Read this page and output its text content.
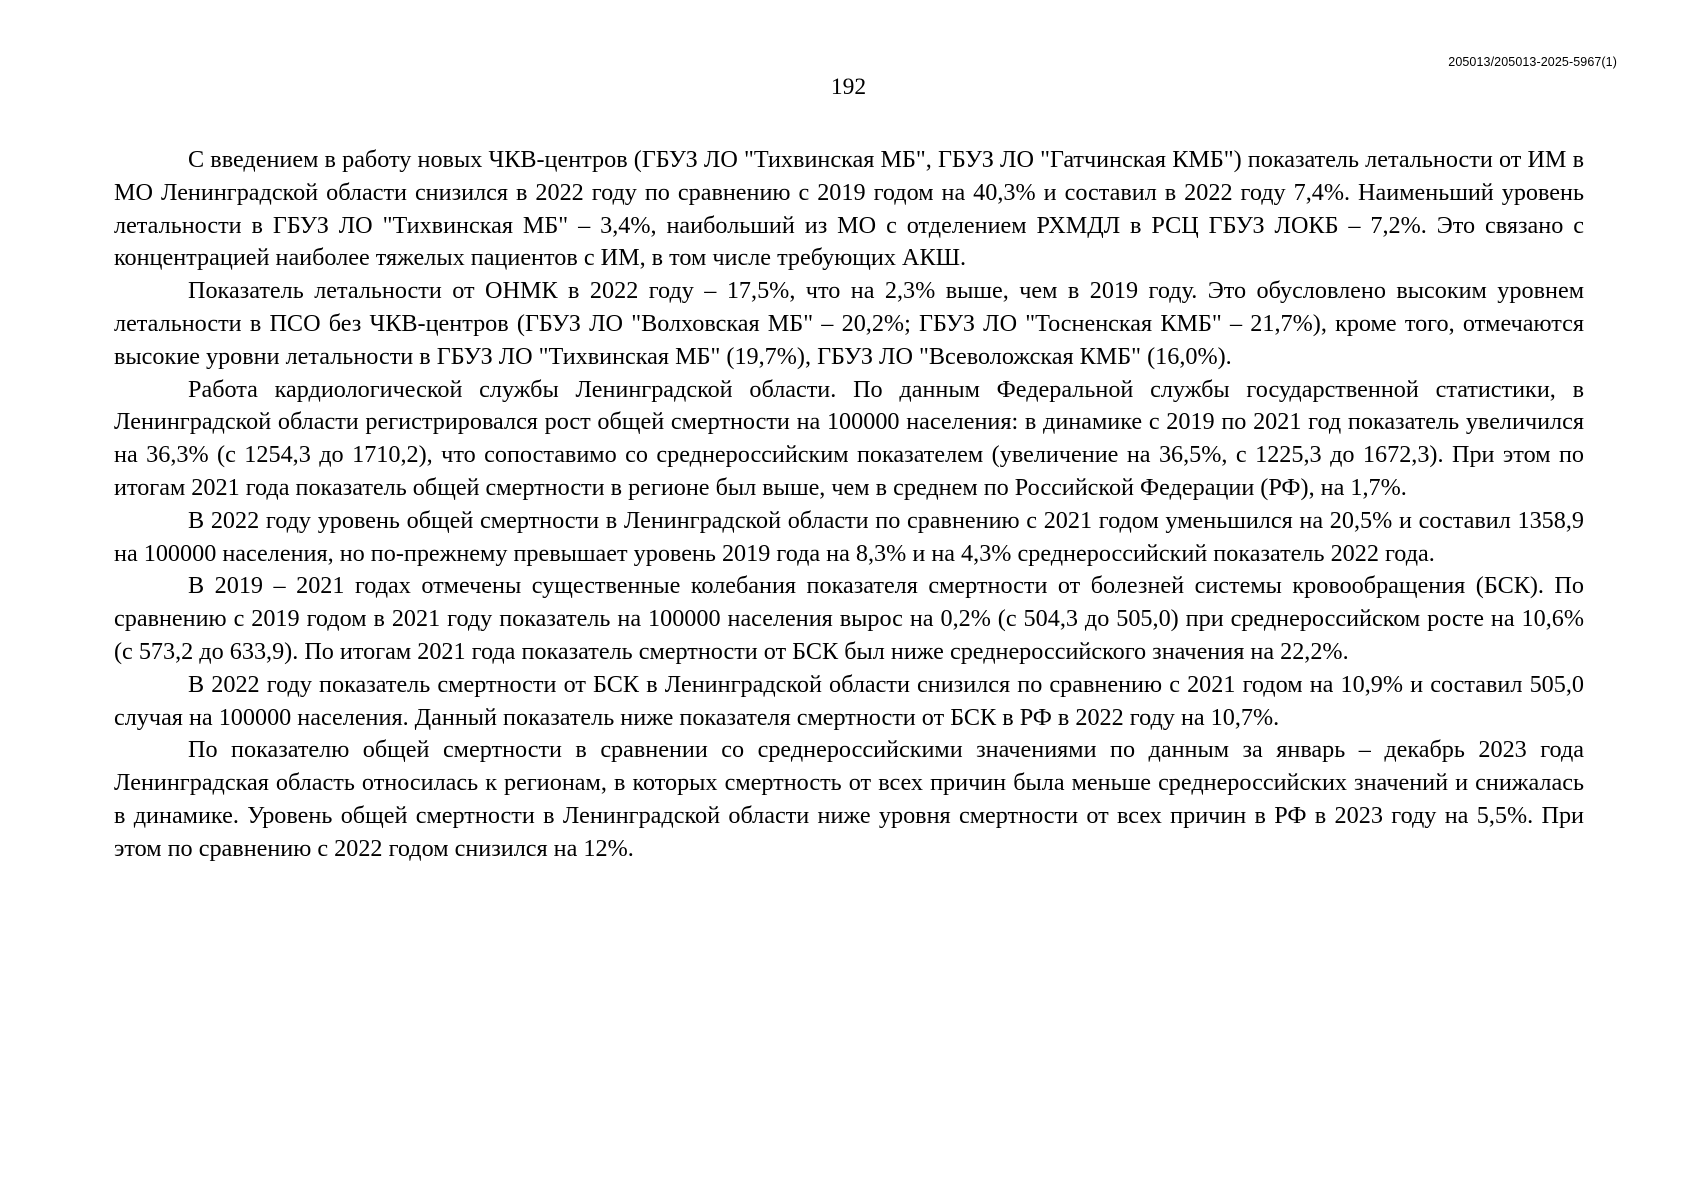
205013/205013-2025-5967(1)
192

С введением в работу новых ЧКВ-центров (ГБУЗ ЛО "Тихвинская МБ", ГБУЗ ЛО "Гатчинская КМБ") показатель летальности от ИМ в МО Ленинградской области снизился в 2022 году по сравнению с 2019 годом на 40,3% и составил в 2022 году 7,4%. Наименьший уровень летальности в ГБУЗ ЛО "Тихвинская МБ" – 3,4%, наибольший из МО с отделением РХМДЛ в РСЦ ГБУЗ ЛОКБ – 7,2%. Это связано с концентрацией наиболее тяжелых пациентов с ИМ, в том числе требующих АКШ.

Показатель летальности от ОНМК в 2022 году – 17,5%, что на 2,3% выше, чем в 2019 году. Это обусловлено высоким уровнем летальности в ПСО без ЧКВ-центров (ГБУЗ ЛО "Волховская МБ" – 20,2%; ГБУЗ ЛО "Тосненская КМБ" – 21,7%), кроме того, отмечаются высокие уровни летальности в ГБУЗ ЛО "Тихвинская МБ" (19,7%), ГБУЗ ЛО "Всеволожская КМБ" (16,0%).

Работа кардиологической службы Ленинградской области. По данным Федеральной службы государственной статистики, в Ленинградской области регистрировался рост общей смертности на 100000 населения: в динамике с 2019 по 2021 год показатель увеличился на 36,3% (с 1254,3 до 1710,2), что сопоставимо со среднероссийским показателем (увеличение на 36,5%, с 1225,3 до 1672,3). При этом по итогам 2021 года показатель общей смертности в регионе был выше, чем в среднем по Российской Федерации (РФ), на 1,7%.

В 2022 году уровень общей смертности в Ленинградской области по сравнению с 2021 годом уменьшился на 20,5% и составил 1358,9 на 100000 населения, но по-прежнему превышает уровень 2019 года на 8,3% и на 4,3% среднероссийский показатель 2022 года.

В 2019 – 2021 годах отмечены существенные колебания показателя смертности от болезней системы кровообращения (БСК). По сравнению с 2019 годом в 2021 году показатель на 100000 населения вырос на 0,2% (с 504,3 до 505,0) при среднероссийском росте на 10,6% (с 573,2 до 633,9). По итогам 2021 года показатель смертности от БСК был ниже среднероссийского значения на 22,2%.

В 2022 году показатель смертности от БСК в Ленинградской области снизился по сравнению с 2021 годом на 10,9% и составил 505,0 случая на 100000 населения. Данный показатель ниже показателя смертности от БСК в РФ в 2022 году на 10,7%.

По показателю общей смертности в сравнении со среднероссийскими значениями по данным за январь – декабрь 2023 года Ленинградская область относилась к регионам, в которых смертность от всех причин была меньше среднероссийских значений и снижалась в динамике. Уровень общей смертности в Ленинградской области ниже уровня смертности от всех причин в РФ в 2023 году на 5,5%. При этом по сравнению с 2022 годом снизился на 12%.
